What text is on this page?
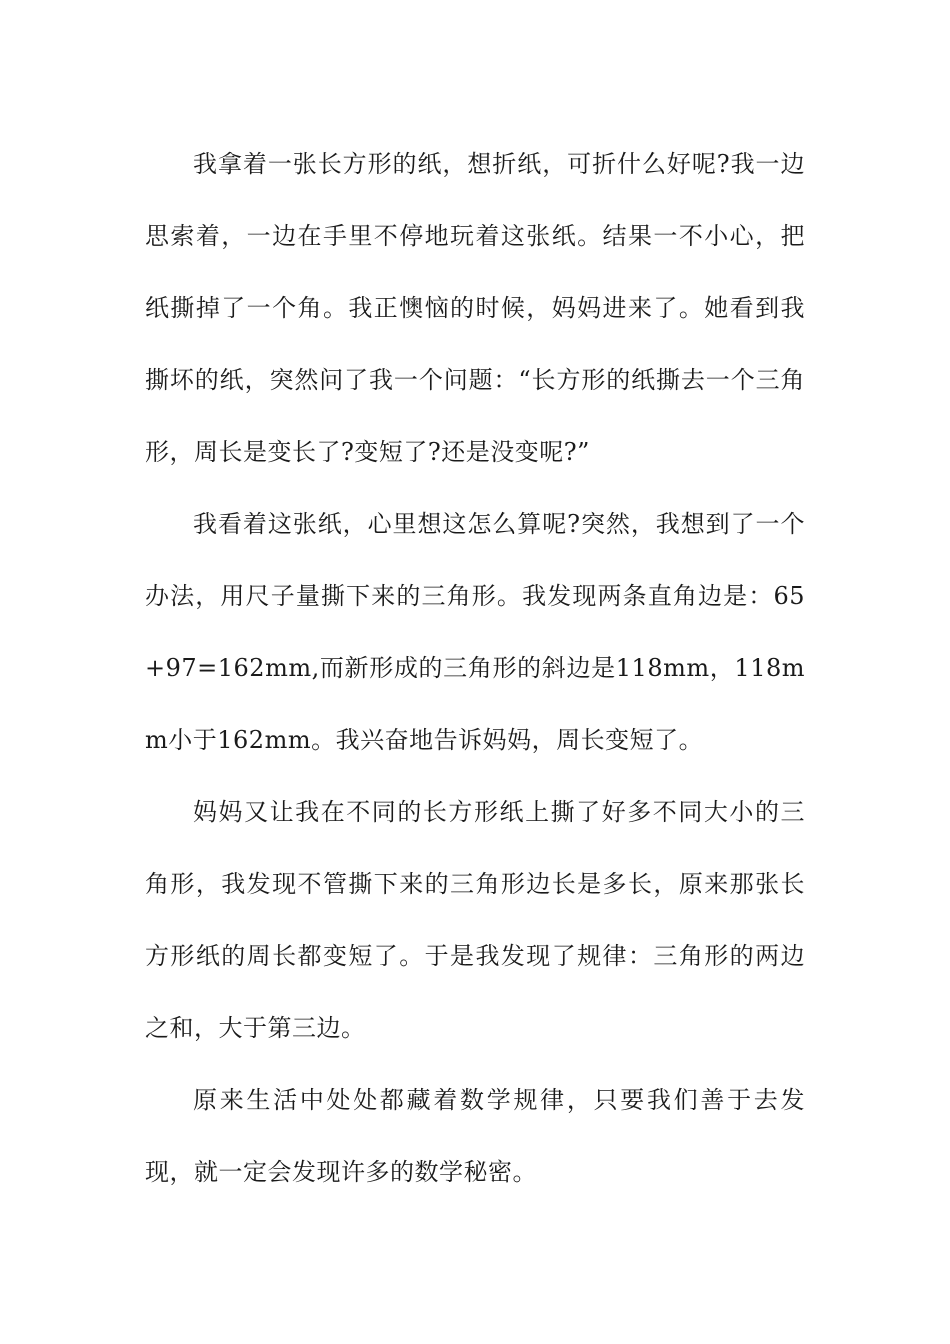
我拿着一张长方形的纸，想折纸，可折什么好呢?我一边思索着，一边在手里不停地玩着这张纸。结果一不小心，把纸撕掉了一个角。我正懊恼的时候，妈妈进来了。她看到我撕坏的纸，突然问了我一个问题：“长方形的纸撕去一个三角形，周长是变长了?变短了?还是没变呢?”

我看着这张纸，心里想这怎么算呢?突然，我想到了一个办法，用尺子量撕下来的三角形。我发现两条直角边是：65+97=162mm,而新形成的三角形的斜边是118mm，118mm小于162mm。我兴奋地告诉妈妈，周长变短了。

妈妈又让我在不同的长方形纸上撕了好多不同大小的三角形，我发现不管撕下来的三角形边长是多长，原来那张长方形纸的周长都变短了。于是我发现了规律：三角形的两边之和，大于第三边。

原来生活中处处都藏着数学规律，只要我们善于去发现，就一定会发现许多的数学秘密。
